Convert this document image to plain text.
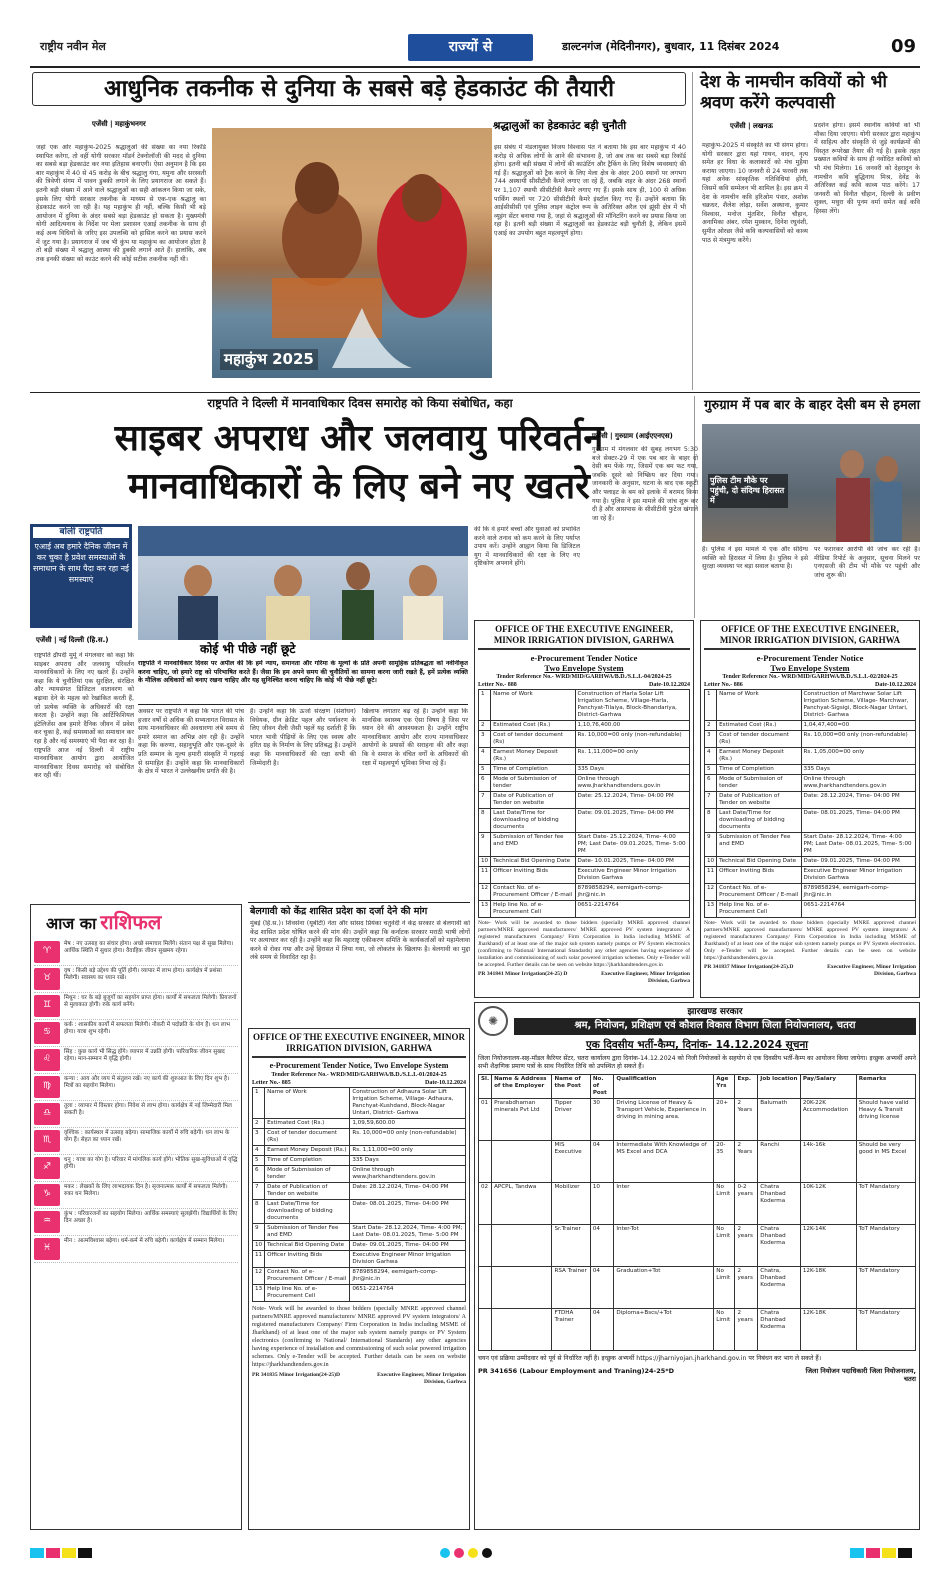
राष्ट्रीय नवीन मेल	राज्यों से	डाल्टनगंज (मेदिनीनगर), बुधवार, 11 दिसंबर 2024	09
आधुनिक तकनीक से दुनिया के सबसे बड़े हेडकाउंट की तैयारी
एजेंसी | महाकुंभनगर
जहां एक ओर महाकुंभ-2025 श्रद्धालुओं की संख्या का नया रिकॉर्ड स्थापित करेगा, तो वहीं योगी सरकार मॉडर्न टेक्नोलॉजी की मदद से दुनिया का सबसे बड़ा हेडकाउंट कर नया इतिहास बनाएगी। ऐसा अनुमान है कि इस बार महाकुंभ में 40 से 45 करोड़ के बीच श्रद्धालु गंगा, यमुना और सरस्वती की त्रिवेणी संगम में पावन डुबकी लगाने के लिए प्रयागराज आ सकते हैं। इतनी बड़ी संख्या में आने वाले श्रद्धालुओं का सही आंकलन किया जा सके, इसके लिए योगी सरकार तकनीक के माध्यम से एक-एक श्रद्धालु का हेडकाउंट करने जा रही है। यह महाकुंभ ही नहीं, बल्कि किसी भी बड़े आयोजन में दुनिया के अंदर सबसे बड़ा हेडकाउंट हो सकता है। मुख्यमंत्री योगी आदित्यनाथ के निर्देश पर मेला प्रशासन एआई तकनीक के साथ ही कई अन्य विधियों के जरिए इस उपलब्धि को हासिल करने का प्रयास करने में जुट गया है। प्रयागराज में जब भी कुंभ या महाकुंभ का आयोजन होता है तो बड़ी संख्या में श्रद्धालु आस्था की डुबकी लगाने आते हैं। हालांकि, अब तक इनकी संख्या को काउंट करने की कोई सटीक तकनीक नहीं थी।
महाकुंभ 2025
श्रद्धालुओं का हेडकाउंट बड़ी चुनौती
इस संबंध में मंडलायुक्त विजय विश्वास पंत ने बताया कि इस बार महाकुंभ में 40 करोड़ से अधिक लोगों के आने की संभावना है, जो अब तक का सबसे बड़ा रिकॉर्ड होगा। इतनी बड़ी संख्या में लोगों की काउंटिंग और ट्रैकिंग के लिए विशेष व्यवस्थाएं की गई हैं। श्रद्धालुओं को ट्रैक करने के लिए मेला क्षेत्र के अंदर 200 स्थानों पर लगभग 744 अस्थायी सीसीटीवी कैमरे लगाए जा रहे हैं, जबकि शहर के अंदर 268 स्थानों पर 1,107 स्थायी सीसीटीवी कैमरे लगाए गए हैं। इसके साथ ही, 100 से अधिक पार्किंग स्थलों पर 720 सीसीटीवी कैमरे इंस्टॉल किए गए हैं। उन्होंने बताया कि आईसीसीसी एवं पुलिस लाइन कंट्रोल रूम के अतिरिक्त अरैल एवं झूंसी क्षेत्र में भी व्यूइंग सेंटर बनाया गया है, जहां से श्रद्धालुओं की मॉनिटरिंग करने का प्रयास किया जा रहा है। इतनी बड़ी संख्या में श्रद्धालुओं का हेडकाउंट बड़ी चुनौती है, लेकिन इसमें एआई का उपयोग बहुत महत्वपूर्ण होगा।
देश के नामचीन कवियों को भी श्रवण करेंगे कल्पवासी
एजेंसी | लखनऊ
महाकुंभ-2025 में संस्कृति का भी संगम होगा। योगी सरकार द्वारा यहां गायन, वादन, नृत्य समेत हर विधा के कलाकारों को मंच मुहैया कराया जाएगा। 10 जनवरी से 24 फरवरी तक यहां अनेक सांस्कृतिक गतिविधियां होंगी, जिसमें कवि सम्मेलन भी शामिल है। इस क्रम में देश के नामचीन कवि हरिओम पंवार, अशोक चक्रधर, शैलेश लोढ़ा, सर्वेश अस्थाना, कुमार विश्वास, मनोज मुंतशिर, विनीत चौहान, अनामिका अंबर, रमेश मुस्कान, दिनेश रघुवंशी, सुमीत ओरछा जैसे कवि कल्पवासियों को काव्य पाठ से मंत्रमुग्ध करेंगे।
प्रदर्शन होगा। इसमें स्थानीय कवियों को भी मौका दिया जाएगा। योगी सरकार द्वारा महाकुंभ में साहित्य और संस्कृति से जुड़े कार्यक्रमों की विस्तृत रूपरेखा तैयार की गई है। इसके तहत प्रख्यात कवियों के साथ ही नवोदित कवियों को भी मंच मिलेगा। 16 जनवरी को देहरादून के नामचीन कवि बुद्धिनाथ मिश्र, देवेंद्र के अतिरिक्त कई कवि काव्य पाठ करेंगे। 17 जनवरी को विनीत चौहान, दिल्ली के प्रवीण शुक्ल, मथुरा की पूनम वर्मा समेत कई कवि हिस्सा लेंगे।
राष्ट्रपति ने दिल्ली में मानवाधिकार दिवस समारोह को किया संबोधित, कहा
साइबर अपराध और जलवायु परिवर्तन
मानवाधिकारों के लिए बने नए खतरे
बोलीं राष्ट्रपति
एआई अब हमारे दैनिक जीवन में कर चुका है प्रवेश समस्याओं के समाधान के साथ पैदा कर रहा नई समस्याएं
एजेंसी | नई दिल्ली (हि.स.)
राष्ट्रपति द्रौपदी मुर्मू ने मंगलवार को कहा कि साइबर अपराध और जलवायु परिवर्तन मानवाधिकारों के लिए नए खतरे हैं। उन्होंने कहा कि ये चुनौतियां एक सुरक्षित, संरक्षित और न्यायसंगत डिजिटल वातावरण को बढ़ावा देने के महत्व को रेखांकित करती हैं, जो प्रत्येक व्यक्ति के अधिकारों की रक्षा करता है। उन्होंने कहा कि आर्टिफिशियल इंटेलिजेंस अब हमारे दैनिक जीवन में प्रवेश कर चुका है, कई समस्याओं का समाधान कर रहा है और नई समस्याएं भी पैदा कर रहा है। राष्ट्रपति आज नई दिल्ली में राष्ट्रीय मानवाधिकार आयोग द्वारा आयोजित मानवाधिकार दिवस समारोह को संबोधित कर रही थीं।
कोई भी पीछे नहीं छूटे
राष्ट्रपति ने मानवाधिकार दिवस पर अपील की कि हमें न्याय, समानता और गरिमा के मूल्यों के प्रति अपनी सामूहिक प्रतिबद्धता को नवीनीकृत करना चाहिए, जो हमारे राष्ट्र को परिभाषित करते हैं। जैसा कि हम अपने समय की चुनौतियों का सामना करना जारी रखते हैं, हमें प्रत्येक व्यक्ति के मौलिक अधिकारों को बनाए रखना चाहिए और यह सुनिश्चित करना चाहिए कि कोई भी पीछे नहीं छूटे।
अवसर पर राष्ट्रपति ने कहा कि भारत की पांच हजार वर्षों से अधिक की सभ्यतागत विरासत के साथ मानवाधिकार की अवधारणा लंबे समय से हमारे समाज का अभिन्न अंग रही है। उन्होंने कहा कि करुणा, सहानुभूति और एक-दूसरे के प्रति सम्मान के मूल्य हमारी संस्कृति में गहराई से समाहित हैं। उन्होंने कहा कि मानवाधिकारों के क्षेत्र में भारत ने उल्लेखनीय प्रगति की है।
है। उन्होंने कहा कि ऊर्जा संरक्षण (संशोधन) विधेयक, ग्रीन क्रेडिट पहल और पर्यावरण के लिए जीवन शैली जैसी पहलें यह दर्शाती हैं कि भारत भावी पीढ़ियों के लिए एक स्वस्थ और हरित ग्रह के निर्माण के लिए प्रतिबद्ध है। उन्होंने कहा कि मानवाधिकारों की रक्षा सभी की जिम्मेदारी है।
खिलाफ लगातार बढ़ रहे हैं। उन्होंने कहा कि मानसिक स्वास्थ्य एक ऐसा विषय है जिस पर ध्यान देने की आवश्यकता है। उन्होंने राष्ट्रीय मानवाधिकार आयोग और राज्य मानवाधिकार आयोगों के प्रयासों की सराहना की और कहा कि वे समाज के वंचित वर्गों के अधिकारों की रक्षा में महत्वपूर्ण भूमिका निभा रहे हैं।
की कि वे हमारे बच्चों और युवाओं को प्रभावित करने वाले तनाव को कम करने के लिए पर्याप्त उपाय करें। उन्होंने आह्वान किया कि डिजिटल युग में मानवाधिकारों की रक्षा के लिए नए दृष्टिकोण अपनाने होंगे।
गुरुग्राम में पब बार के बाहर देसी बम से हमला
एजेंसी | गुरुग्राम (आईएएनएस)
गुरुग्राम में मंगलवार की सुबह लगभग 5:30 बजे सेक्टर-29 में एक पब बार के बाहर दो देसी बम फेंके गए, जिसमें एक बम फट गया, जबकि दूसरे को निष्क्रिय कर दिया गया। जानकारी के अनुसार, घटना के बाद एक स्कूटी और फ्लाइट के बम को इलाके में बरामद किया गया है। पुलिस ने इस मामले की जांच शुरू कर दी है और आसपास के सीसीटीवी फुटेज खंगाले जा रहे हैं।
पुलिस टीम मौके पर पहुंची, दो संदिग्ध हिरासत में
है। पुलिस ने इस मामले में एक और संदिग्ध व्यक्ति को हिरासत में लिया है। पुलिस ने इसे सुरक्षा व्यवस्था पर बड़ा सवाल बताया है।
पर फरारकर आरोपी की जांच कर रही है। मीडिया रिपोर्ट के अनुसार, सूचना मिलने पर एनएसजी की टीम भी मौके पर पहुंची और जांच शुरू की।
OFFICE OF THE EXECUTIVE ENGINEER, MINOR IRRIGATION DIVISION, GARHWA
e-Procurement Tender Notice
Two Envelope System
Tender Reference No.- WRD/MID/GARHWA/B.D./S.L.I.-04/2024-25
Letter No.- 888	Date-10.12.2024
1	Name of Work	Construction of Harla Solar Lift Irrigation Scheme, Village-Harla, Panchyat-Tilaiya, Block-Bhandariya, District-Garhwa
2	Estimated Cost (Rs.)	1,10,76,400.00
3	Cost of tender document (Rs)	Rs. 10,000=00 only (non-refundable)
4	Earnest Money Deposit (Rs.)	Rs. 1,11,000=00 only
5	Time of Completion	335 Days
6	Mode of Submission of tender	Online through www.jharkhandtenders.gov.in
7	Date of Publication of Tender on website	Date: 25.12.2024, Time- 04:00 PM
8	Last Date/Time for downloading of bidding documents	Date: 09.01.2025, Time- 04:00 PM
9	Submission of Tender fee and EMD	Start Date- 25.12.2024, Time- 4:00 PM; Last Date- 09.01.2025, Time- 5:00 PM
10	Technical Bid Opening Date	Date- 10.01.2025, Time- 04:00 PM
11	Officer Inviting Bids	Executive Engineer Minor Irrigation Division Garhwa
12	Contact No. of e-Procurement Officer / E-mail	8789858294, eemigarh-comp-jhr@nic.in
13	Help line No. of e-Procurement Cell	0651-2214764
Note- Work will be awarded to those bidders (specially MNRE approved channel partners/MNRE approved manufacturers/ MNRE approved PV system integrators/ A registered manufacturers Company/ Firm Corporation in India including MSME of Jharkhand) of at least one of the major sub system namely pumps or PV System electronics (confirming to National/ International Standards) any other agencies having experience of installation and commissioning of such solar powered irrigation schemes. Only e-Tender will be accepted. Further details can be seen on website https://jharkhandtenders.gov.in
PR 341841 Minor Irrigation(24-25) D	Executive Engineer, Minor Irrigation Division, Garhwa
OFFICE OF THE EXECUTIVE ENGINEER, MINOR IRRIGATION DIVISION, GARHWA
e-Procurement Tender Notice
Two Envelope System
Tender Reference No.- WRD/MID/GARHWA/B.D./S.L.I.-02/2024-25
Letter No.- 886	Date-10.12.2024
1	Name of Work	Construction of Marchwar Solar Lift Irrigation Scheme, Village- Marchwar, Panchyat-Sigsigi, Block-Nagar Untari, District- Garhwa
2	Estimated Cost (Rs.)	1,04,47,400=00
3	Cost of tender document (Rs)	Rs. 10,000=00 only (non-refundable)
4	Earnest Money Deposit (Rs.)	Rs. 1,05,000=00 only
5	Time of Completion	335 Days
6	Mode of Submission of tender	Online through www.jharkhandtenders.gov.in
7	Date of Publication of Tender on website	Date: 28.12.2024, Time- 04:00 PM
8	Last Date/Time for downloading of bidding documents	Date- 08.01.2025, Time- 04:00 PM
9	Submission of Tender Fee and EMD	Start Date- 28.12.2024, Time- 4:00 PM; Last Date- 08.01.2025, Time- 5:00 PM
10	Technical Bid Opening Date	Date- 09.01.2025, Time- 04:00 PM
11	Officer Inviting Bids	Executive Engineer Minor Irrigation Division Garhwa
12	Contact No. of e-Procurement Officer / E-mail	8789858294, eemigarh-comp-jhr@nic.in
13	Help line No. of e-Procurement Cell	0651-2214764
Note- Work will be awarded to those bidders (specially MNRE approved channel partners/MNRE approved manufacturers/ MNRE approved PV system integrators/ A registered manufacturers Company/ Firm Corporation in India including MSME of Jharkhand) of at least one of the major sub system namely pumps or PV System electronics. Only e-Tender will be accepted. Further details can be seen on website https://jharkhandtenders.gov.in
PR 341837 Minor Irrigation(24-25).D	Executive Engineer, Minor Irrigation Division, Garhwa
बेलगावी को केंद्र शासित प्रदेश का दर्जा देने की मांग
मुंबई (हि.स.)। शिवसेना (यूबीटी) नेता और सांसद प्रियंका चतुर्वेदी ने केंद्र सरकार से बेलगावी को केंद्र शासित प्रदेश घोषित करने की मांग की। उन्होंने कहा कि कर्नाटक सरकार मराठी भाषी लोगों पर अत्याचार कर रही है। उन्होंने कहा कि महाराष्ट्र एकीकरण समिति के कार्यकर्ताओं को महामेलावा करने से रोका गया और उन्हें हिरासत में लिया गया, जो लोकतंत्र के खिलाफ है। बेलगावी का मुद्दा लंबे समय से विवादित रहा है।
आज का राशिफल
♈
मेष : नए उत्साह का संचार होगा। अच्छे समाचार मिलेंगे। संतान पक्ष से सुख मिलेगा। आर्थिक स्थिति में सुधार होगा। वैवाहिक जीवन सुखमय रहेगा।
♉
वृष : किसी बड़े उद्देश्य की पूर्ति होगी। व्यापार में लाभ होगा। कार्यक्षेत्र में प्रशंसा मिलेगी। स्वास्थ्य का ध्यान रखें।
♊
मिथुन : घर के बड़े बुजुर्गों का सहयोग प्राप्त होगा। कार्यों में सफलता मिलेगी। प्रियजनों से मुलाकात होगी। रुके कार्य बनेंगे।
♋
कर्क : शासकीय कार्यों में सफलता मिलेगी। नौकरी में पदोन्नति के योग हैं। धन लाभ होगा। यात्रा शुभ रहेगी।
♌
सिंह : कुछ कार्य भी सिद्ध होंगे। व्यापार में उन्नति होगी। पारिवारिक जीवन सुखद रहेगा। मान-सम्मान में वृद्धि होगी।
♍
कन्या : आय और व्यय में संतुलन रखें। नए कार्य की शुरुआत के लिए दिन शुभ है। मित्रों का सहयोग मिलेगा।
♎
तुला : व्यापार में विस्तार होगा। निवेश से लाभ होगा। कार्यक्षेत्र में नई जिम्मेदारी मिल सकती है।
♏
वृश्चिक : कार्यस्थल में उत्साह बढ़ेगा। सामाजिक कार्यों में रुचि बढ़ेगी। धन लाभ के योग हैं। सेहत का ध्यान रखें।
♐
धनु : यात्रा का योग है। परिवार में मांगलिक कार्य होंगे। भौतिक सुख-सुविधाओं में वृद्धि होगी।
♑
मकर : लेखकों के लिए लाभदायक दिन है। सृजनात्मक कार्यों में सफलता मिलेगी। रुका धन मिलेगा।
♒
कुंभ : परिवारजनों का सहयोग मिलेगा। आर्थिक समस्याएं सुलझेंगी। विद्यार्थियों के लिए दिन अच्छा है।
♓
मीन : आत्मविश्वास बढ़ेगा। धर्म-कर्म में रुचि बढ़ेगी। कार्यक्षेत्र में सम्मान मिलेगा।
OFFICE OF THE EXECUTIVE ENGINEER, MINOR IRRIGATION DIVISION, GARHWA
e-Procurement Tender Notice, Two Envelope System
Tender Reference No.- WRD/MID/GARHWA/B.D./S.L.I.-01/2024-25
Letter No.- 885	Date-10.12.2024
1	Name of Work	Construction of Adhaura Solar Lift Irrigation Scheme, Village- Adhaura, Panchyat-Kushdand, Block-Nagar Untari, District- Garhwa
2	Estimated Cost (Rs.)	1,09,59,600.00
3	Cost of tender document (Rs)	Rs. 10,000=00 only (non-refundable)
4	Earnest Money Deposit (Rs.)	Rs. 1,11,000=00 only
5	Time of Completion	335 Days
6	Mode of Submission of tender	Online through www.jharkhandtenders.gov.in
7	Date of Publication of Tender on website	Date: 28.12.2024, Time- 04:00 PM
8	Last Date/Time for downloading of bidding documents	Date- 08.01.2025, Time- 04:00 PM
9	Submission of Tender Fee and EMD	Start Date- 28.12.2024, Time- 4:00 PM; Last Date- 08.01.2025, Time- 5:00 PM
10	Technical Bid Opening Date	Date- 09.01.2025, Time- 04:00 PM
11	Officer Inviting Bids	Executive Engineer Minor Irrigation Division Garhwa
12	Contact No. of e-Procurement Officer / E-mail	8789858294, eemigarh-comp-jhr@nic.in
13	Help line No. of e-Procurement Cell	0651-2214764
Note- Work will be awarded to those bidders (specially MNRE approved channel partners/MNRE approved manufacturers/ MNRE approved PV system integrators/ A registered manufacturers Company/ Firm Corporation in India including MSME of Jharkhand) of at least one of the major sub system namely pumps or PV System electronics (confirming to National/ International Standards) any other agencies having experience of installation and commissioning of such solar powered irrigation schemes. Only e-Tender will be accepted. Further details can be seen on website https://jharkhandtenders.gov.in
PR 341835 Minor Irrigation(24-25)D	Executive Engineer, Minor Irrigation Division, Garhwa
✺
झारखण्ड सरकार
श्रम, नियोजन, प्रशिक्षण एवं कौशल विकास विभाग जिला नियोजनालय, चतरा
एक दिवसीय भर्ती-कैम्प, दिनांक- 14.12.2024 सूचना
जिला नियोजनालय-सह-मॉडल कैरियर सेंटर, चतरा कार्यालय द्वारा दिनांक-14.12.2024 को निजी नियोजकों के सहयोग से एक दिवसीय भर्ती-कैम्प का आयोजन किया जायेगा। इच्छुक अभ्यर्थी अपने सभी शैक्षणिक प्रमाण पत्रों के साथ निर्धारित तिथि को उपस्थित हो सकते हैं।
Sl.	Name & Address of the Employer	Name of the Post	No. of Post	Qualification	Age Yrs	Exp.	Job location	Pay/Salary	Remarks
01	Prarabdhaman minerals Pvt Ltd	Tipper Driver	30	Driving License of Heavy & Transport Vehicle, Experience in driving in mining area.	20+	2 Years	Balumath	20K-22K Accommodation	Should have valid Heavy & Transit driving license
		MIS Executive	04	Intermediate With Knowledge of MS Excel and DCA	20-35	2 Years	Ranchi	14k-16k	Should be very good in MS Excel
02	APCPL, Tandwa	Mobilizer	10	Inter	No Limit	0-2 years	Chatra Dhanbad Koderma	10K-12K	ToT Mandatory
		Sr.Trainer	04	Inter-Tot	No Limit	2 years	Chatra Dhanbad Koderma	12K-14K	ToT Mandatory
		RSA Trainer	04	Graduation+Tot	No Limit	2 years	Chatra, Dhanbad Koderma	12K-18K	ToT Mandatory
		FTDHA Trainer	04	Diploma+Bscs/+Tot	No Limit	2 years	Chatra Dhanbad Koderma	12K-18K	ToT Mandatory
चयन एवं प्रक्रिया उम्मीदवार को पूर्व से निर्धारित नहीं है। इच्छुक अभ्यर्थी https://jharniyojan.jharkhand.gov.in पर निबंधन कर भाग ले सकते हैं।
PR 341656 (Labour Employment and Traning)24-25*D	जिला नियोजन पदाधिकारी जिला नियोजनालय, चतरा
